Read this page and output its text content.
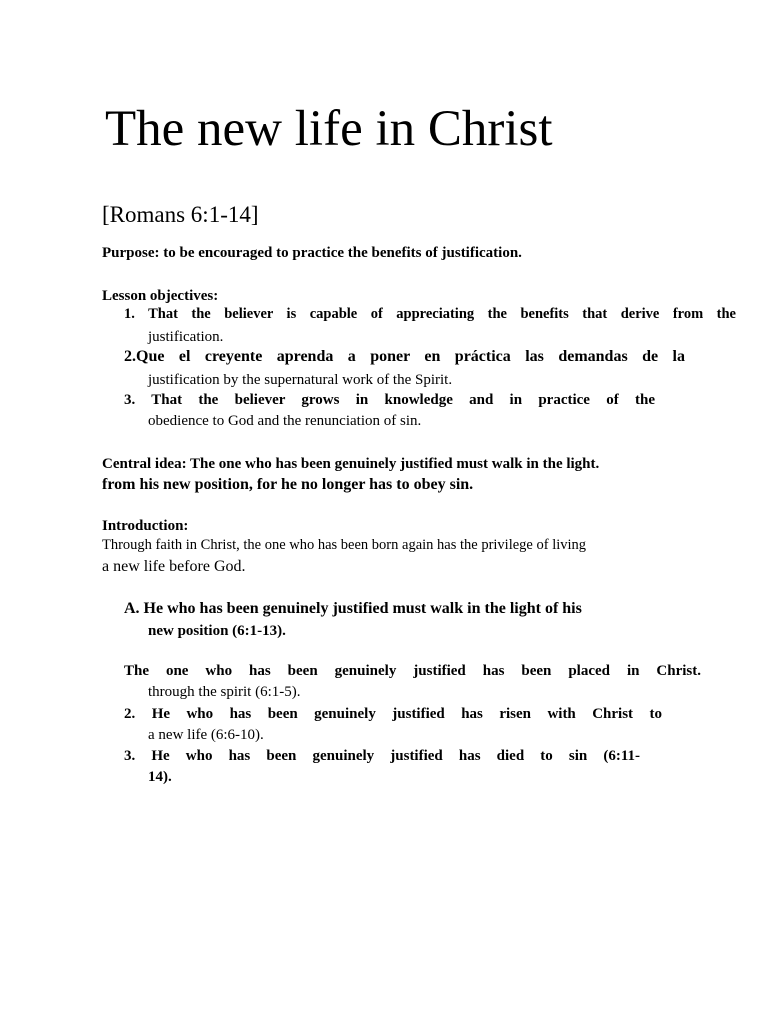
The new life in Christ
[Romans 6:1-14]
Purpose: to be encouraged to practice the benefits of justification.
Lesson objectives:
1. That the believer is capable of appreciating the benefits that derive from the
justification.
2.Que el creyente aprenda a poner en práctica las demandas de la
justification by the supernatural work of the Spirit.
3. That the believer grows in knowledge and in practice of the
obedience to God and the renunciation of sin.
Central idea: The one who has been genuinely justified must walk in the light.
from his new position, for he no longer has to obey sin.
Introduction:
Through faith in Christ, the one who has been born again has the privilege of living
a new life before God.
A. He who has been genuinely justified must walk in the light of his
new position (6:1-13).
The one who has been genuinely justified has been placed in Christ.
through the spirit (6:1-5).
2. He who has been genuinely justified has risen with Christ to
a new life (6:6-10).
3. He who has been genuinely justified has died to sin (6:11-
14).
